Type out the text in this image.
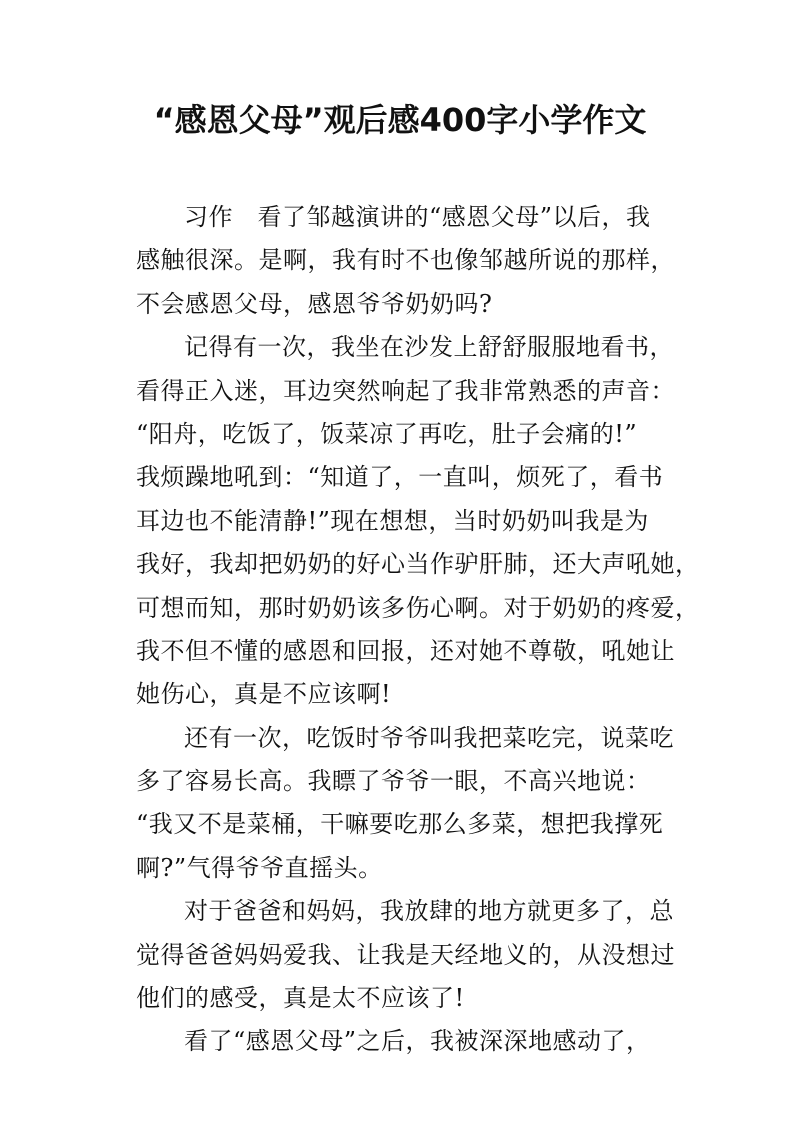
“感恩父母”观后感400字小学作文
习作　看了邹越演讲的“感恩父母”以后，我
感触很深。是啊，我有时不也像邹越所说的那样，
不会感恩父母，感恩爷爷奶奶吗?
记得有一次，我坐在沙发上舒舒服服地看书，
看得正入迷，耳边突然响起了我非常熟悉的声音：
“阳舟，吃饭了，饭菜凉了再吃，肚子会痛的!”
我烦躁地吼到：“知道了，一直叫，烦死了，看书
耳边也不能清静!”现在想想，当时奶奶叫我是为
我好，我却把奶奶的好心当作驴肝肺，还大声吼她，
可想而知，那时奶奶该多伤心啊。对于奶奶的疼爱，
我不但不懂的感恩和回报，还对她不尊敬，吼她让
她伤心，真是不应该啊!
还有一次，吃饭时爷爷叫我把菜吃完，说菜吃
多了容易长高。我瞟了爷爷一眼，不高兴地说：
“我又不是菜桶，干嘛要吃那么多菜，想把我撑死
啊?”气得爷爷直摇头。
对于爸爸和妈妈，我放肆的地方就更多了，总
觉得爸爸妈妈爱我、让我是天经地义的，从没想过
他们的感受，真是太不应该了!
看了“感恩父母”之后，我被深深地感动了，
